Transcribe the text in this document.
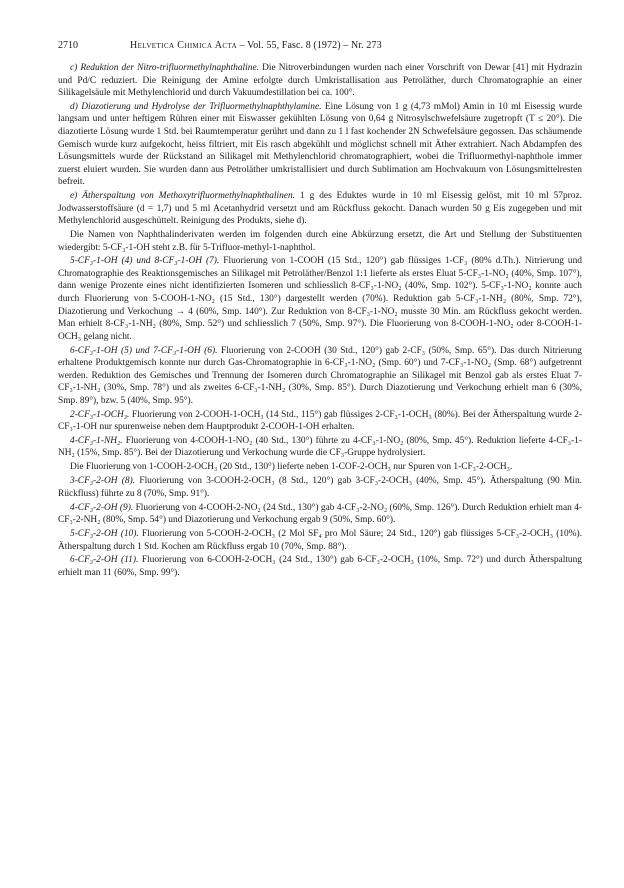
2710	Helvetica Chimica Acta – Vol. 55, Fasc. 8 (1972) – Nr. 273

c) Reduktion der Nitro-trifluormethylnaphthaline. Die Nitroverbindungen wurden nach einer Vorschrift von Dewar [41] mit Hydrazin und Pd/C reduziert. Die Reinigung der Amine erfolgte durch Umkristallisation aus Petroläther, durch Chromatographie an einer Silikagelsäule mit Methylenchlorid und durch Vakuumdestillation bei ca. 100°.

d) Diazotierung und Hydrolyse der Trifluormethylnaphthylamine. Eine Lösung von 1 g (4,73 mMol) Amin in 10 ml Eisessig wurde langsam und unter heftigem Rühren einer mit Eiswasser gekühlten Lösung von 0,64 g Nitrosylschwefelsäure zugetropft (T ≤ 20°). Die diazotierte Lösung wurde 1 Std. bei Raumtemperatur gerührt und dann zu 1 l fast kochender 2N Schwefelsäure gegossen. Das schäumende Gemisch wurde kurz aufgekocht, heiss filtriert, mit Eis rasch abgekühlt und möglichst schnell mit Äther extrahiert. Nach Abdampfen des Lösungsmittels wurde der Rückstand an Silikagel mit Methylenchlorid chromatographiert, wobei die Trifluormethyl-naphthole immer zuerst eluiert wurden. Sie wurden dann aus Petroläther umkristallisiert und durch Sublimation am Hochvakuum von Lösungsmittelresten befreit.

e) Ätherspaltung von Methoxytrifluormethylnaphthalinen. 1 g des Eduktes wurde in 10 ml Eisessig gelöst, mit 10 ml 57proz. Jodwasserstoffsäure (d = 1,7) und 5 ml Acetanhydrid versetzt und am Rückfluss gekocht. Danach wurden 50 g Eis zugegeben und mit Methylenchlorid ausgeschüttelt. Reinigung des Produkts, siehe d).

Die Namen von Naphthalinderivaten werden im folgenden durch eine Abkürzung ersetzt, die Art und Stellung der Substituenten wiedergibt: 5-CF₃-1-OH steht z.B. für 5-Trifluor-methyl-1-naphthol.

5-CF₃-1-OH (4) und 8-CF₃-1-OH (7). Fluorierung von 1-COOH (15 Std., 120°) gab flüssiges 1-CF₃ (80% d.Th.). Nitrierung und Chromatographie des Reaktionsgemisches an Silikagel mit Petroläther/Benzol 1:1 lieferte als erstes Eluat 5-CF₃-1-NO₂ (40%, Smp. 107°), dann wenige Prozente eines nicht identifizierten Isomeren und schliesslich 8-CF₃-1-NO₂ (40%, Smp. 102°). 5-CF₃-1-NO₂ konnte auch durch Fluorierung von 5-COOH-1-NO₂ (15 Std., 130°) dargestellt werden (70%). Reduktion gab 5-CF₃-1-NH₂ (80%, Smp. 72°), Diazotierung und Verkochung → 4 (60%, Smp. 140°). Zur Reduktion von 8-CF₃-1-NO₂ musste 30 Min. am Rückfluss gekocht werden. Man erhielt 8-CF₃-1-NH₂ (80%, Smp. 52°) und schliesslich 7 (50%, Smp. 97°). Die Fluorierung von 8-COOH-1-NO₂ oder 8-COOH-1-OCH₃ gelang nicht.

6-CF₃-1-OH (5) und 7-CF₃-1-OH (6). Fluorierung von 2-COOH (30 Std., 120°) gab 2-CF₃ (50%, Smp. 65°). Das durch Nitrierung erhaltene Produktgemisch konnte nur durch Gas-Chromatographie in 6-CF₃-1-NO₂ (Smp. 60°) und 7-CF₃-1-NO₂ (Smp. 68°) aufgetrennt werden. Reduktion des Gemisches und Trennung der Isomeren durch Chromatographie an Silikagel mit Benzol gab als erstes Eluat 7-CF₃-1-NH₂ (30%, Smp. 78°) und als zweites 6-CF₃-1-NH₂ (30%, Smp. 85°). Durch Diazotierung und Verkochung erhielt man 6 (30%, Smp. 89°), bzw. 5 (40%, Smp. 95°).

2-CF₃-1-OCH₃. Fluorierung von 2-COOH-1-OCH₃ (14 Std., 115°) gab flüssiges 2-CF₃-1-OCH₃ (80%). Bei der Ätherspaltung wurde 2-CF₃-1-OH nur spurenweise neben dem Hauptprodukt 2-COOH-1-OH erhalten.

4-CF₃-1-NH₂. Fluorierung von 4-COOH-1-NO₂ (40 Std., 130°) führte zu 4-CF₃-1-NO₂ (80%, Smp. 45°). Reduktion lieferte 4-CF₃-1-NH₂ (15%, Smp. 85°). Bei der Diazotierung und Verkochung wurde die CF₃-Gruppe hydrolysiert.

Die Fluorierung von 1-COOH-2-OCH₃ (20 Std., 130°) lieferte neben 1-COF-2-OCH₃ nur Spuren von 1-CF₃-2-OCH₃.

3-CF₃-2-OH (8). Fluorierung von 3-COOH-2-OCH₃ (8 Std., 120°) gab 3-CF₃-2-OCH₃ (40%, Smp. 45°). Ätherspaltung (90 Min. Rückfluss) führte zu 8 (70%, Smp. 91°).

4-CF₃-2-OH (9). Fluorierung von 4-COOH-2-NO₂ (24 Std., 130°) gab 4-CF₃-2-NO₂ (60%, Smp. 126°). Durch Reduktion erhielt man 4-CF₃-2-NH₂ (80%, Smp. 54°) und Diazotierung und Verkochung ergab 9 (50%, Smp. 60°).

5-CF₃-2-OH (10). Fluorierung von 5-COOH-2-OCH₃ (2 Mol SF₄ pro Mol Säure; 24 Std., 120°) gab flüssiges 5-CF₃-2-OCH₃ (10%). Ätherspaltung durch 1 Std. Kochen am Rückfluss ergab 10 (70%, Smp. 88°).

6-CF₃-2-OH (11). Fluorierung von 6-COOH-2-OCH₃ (24 Std., 130°) gab 6-CF₃-2-OCH₃ (10%, Smp. 72°) und durch Ätherspaltung erhielt man 11 (60%, Smp. 99°).
